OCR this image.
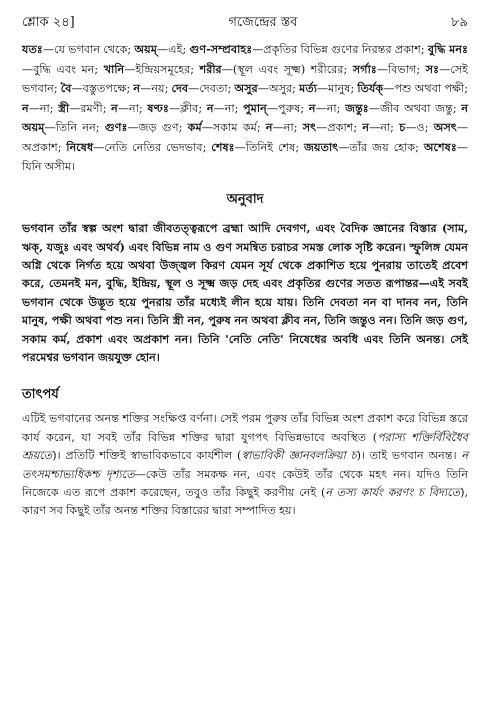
শ্লোক ২৪]	গজেন্দ্রের স্তব	৮৯
যতঃ—যে ভগবান থেকে; অয়ম্—এই; গুণ-সম্প্রবাহঃ—প্রকৃতির বিভিন্ন গুণের নিরন্তর প্রকাশ; বুদ্ধি মনঃ—বুদ্ধি এবং মন; খানি—ইন্দ্রিয়সমূহের; শরীর—(স্থূল এবং সূক্ষ্ম) শরীরের; সর্গাঃ—বিভাগ; সঃ—সেই ভগবান; বৈ—বস্তুতপক্ষে; ন—নয়; দেব—দেবতা; অসুর—অসুর; মর্ত্য—মানুষ; তির্যক্—পশু অথবা পক্ষী; ন—না; স্ত্রী—রমণী; ন—না; ষণ্ঢঃ—ক্লীব; ন—না; পুমান্—পুরুষ; ন—না; জন্তুঃ—জীব অথবা জন্তু; ন অয়ম্—তিনি নন; গুণঃ—জড় গুণ; কর্ম—সকাম কর্ম; ন—না; সৎ—প্রকাশ; ন—না; চ—ও; অসৎ—অপ্রকাশ; নিষেধ—নেতি নেতির ভেদভাব; শেষঃ—তিনিই শেষ; জয়তাৎ—তাঁর জয় হোক; অশেষঃ—যিনি অসীম।
অনুবাদ
ভগবান তাঁর স্বল্প অংশ দ্বারা জীবতত্ত্বরূপে ব্রহ্মা আদি দেবগণ, এবং বৈদিক জ্ঞানের বিস্তার (সাম, ঋক্, যজুঃ এবং অথর্ব) এবং বিভিন্ন নাম ও গুণ সমন্বিত চরাচর সমস্ত লোক সৃষ্টি করেন। স্ফুলিঙ্গ যেমন অগ্নি থেকে নির্গত হয়ে অথবা উজ্জ্বল কিরণ যেমন সূর্য থেকে প্রকাশিত হয়ে পুনরায় তাতেই প্রবেশ করে, তেমনই মন, বুদ্ধি, ইন্দ্রিয়, স্থূল ও সূক্ষ্ম জড় দেহ এবং প্রকৃতির গুণের সতত রূপান্তর—এই সবই ভগবান থেকে উদ্ভূত হয়ে পুনরায় তাঁর মধ্যেই লীন হয়ে যায়। তিনি দেবতা নন বা দানব নন, তিনি মানুষ, পক্ষী অথবা পশু নন। তিনি স্ত্রী নন, পুরুষ নন অথবা ক্লীব নন, তিনি জন্তুও নন। তিনি জড় গুণ, সকাম কর্ম, প্রকাশ এবং অপ্রকাশ নন। তিনি 'নেতি নেতি' নিষেধের অবধি এবং তিনি অনন্ত। সেই পরমেশ্বর ভগবান জয়যুক্ত হোন।
তাৎপর্য
এটিই ভগবানের অনন্ত শক্তির সংক্ষিপ্ত বর্ণনা। সেই পরম পুরুষ তাঁর বিভিন্ন অংশ প্রকাশ করে বিভিন্ন স্তরে কার্য করেন, যা সবই তাঁর বিভিন্ন শক্তির দ্বারা যুগপৎ বিভিন্নভাবে অবস্থিত (পরাস্য শক্তির্বিবিধৈব শ্রূয়তে)। প্রতিটি শক্তিই স্বাভাবিকভাবে কার্যশীল (স্বাভাবিকী জ্ঞানবলক্রিয়া চ)। তাই ভগবান অনন্ত। ন তৎসমশ্চাভ্যধিকশ্চ দৃশ্যতে—কেউ তাঁর সমকক্ষ নন, এবং কেউই তাঁর থেকে মহৎ নন। যদিও তিনি নিজেকে এত রূপে প্রকাশ করেছেন, তবুও তাঁর কিছুই করণীয় নেই (ন তস্য কার্যং করণং চ বিদ্যতে), কারণ সব কিছুই তাঁর অনন্ত শক্তির বিস্তারের দ্বারা সম্পাদিত হয়।
